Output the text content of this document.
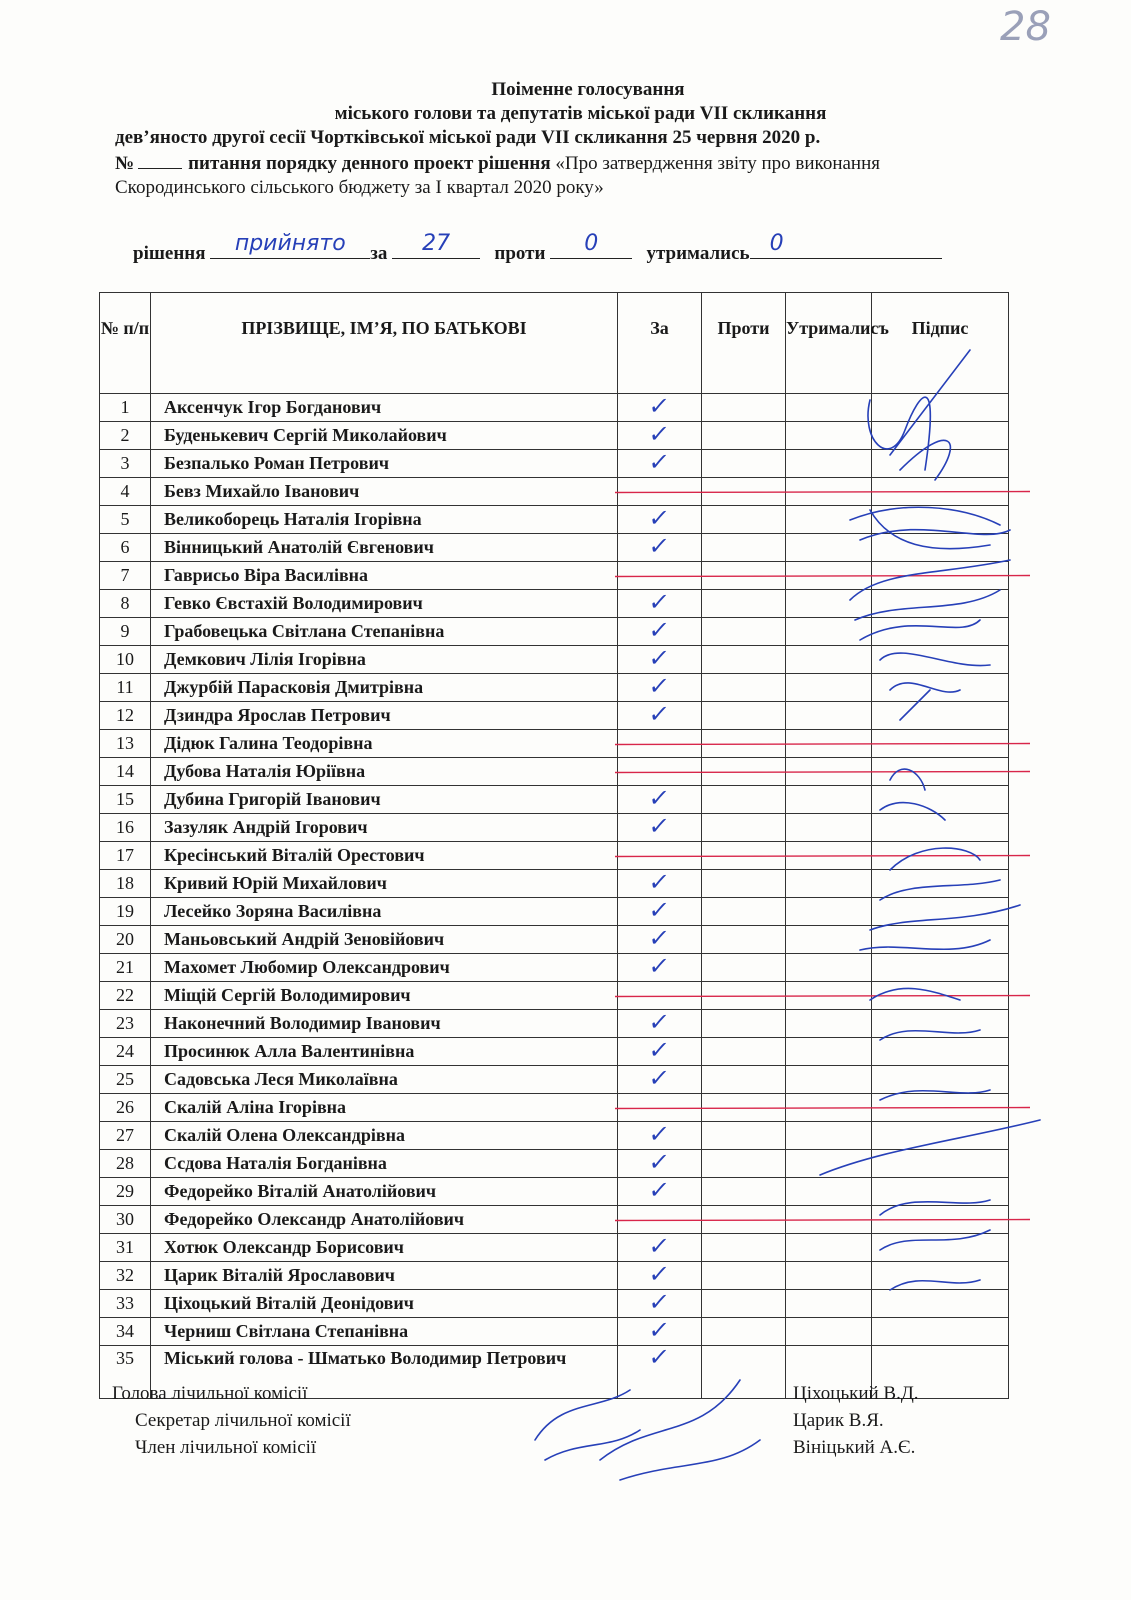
28
Поіменне голосування
міського голови та депутатів міської ради VII скликання
дев’яносто другої сесії Чортківської міської ради VII скликання 25 червня 2020 р.
№	питання порядку денного проект рішення «Про затвердження звіту про виконання
Скородинського сільського бюджету за І квартал 2020 року»
рішення	прийнято	за	27	проти	0	утримались 0
№ п/п	ПРІЗВИЩЕ, ІМ’Я, ПО БАТЬКОВІ	За	Проти	Утрималисъ	Підпис
1	Аксенчук Ігор Богданович	✓			
2	Буденькевич Сергій Миколайович	✓			
3	Безпалько Роман Петрович	✓			
4	Бевз Михайло Іванович				
5	Великоборець Наталія Ігорівна	✓			
6	Вінницький Анатолій Євгенович	✓			
7	Гаврисьо Віра Василівна				
8	Гевко Євстахій Володимирович	✓			
9	Грабовецька Світлана Степанівна	✓			
10	Демкович Лілія Ігорівна	✓			
11	Джурбій Парасковія Дмитрівна	✓			
12	Дзиндра Ярослав Петрович	✓			
13	Дідюк Галина Теодорівна				
14	Дубова Наталія Юріївна				
15	Дубина Григорій Іванович	✓			
16	Зазуляк Андрій Ігорович	✓			
17	Кресінський Віталій Орестович				
18	Кривий Юрій Михайлович	✓			
19	Лесейко Зоряна Василівна	✓			
20	Маньовський Андрій Зеновійович	✓			
21	Махомет Любомир Олександрович	✓			
22	Міщій Сергій Володимирович				
23	Наконечний Володимир Іванович	✓			
24	Просинюк Алла Валентинівна	✓			
25	Садовська Леся Миколаївна	✓			
26	Скалій Аліна Ігорівна				
27	Скалій Олена Олександрівна	✓			
28	Ссдова Наталія Богданівна	✓			
29	Федорейко Віталій Анатолійович	✓			
30	Федорейко Олександр Анатолійович				
31	Хотюк Олександр Борисович	✓			
32	Царик Віталій Ярославович	✓			
33	Ціхоцький Віталій Деонідович	✓			
34	Черниш Світлана Степанівна	✓			
35	Міський голова - Шматько Володимир Петрович	✓			
Голова лічильної комісії	Ціхоцький В.Д.
Секретар лічильної комісії	Царик В.Я.
Член лічильної комісії	Вініцький А.Є.
